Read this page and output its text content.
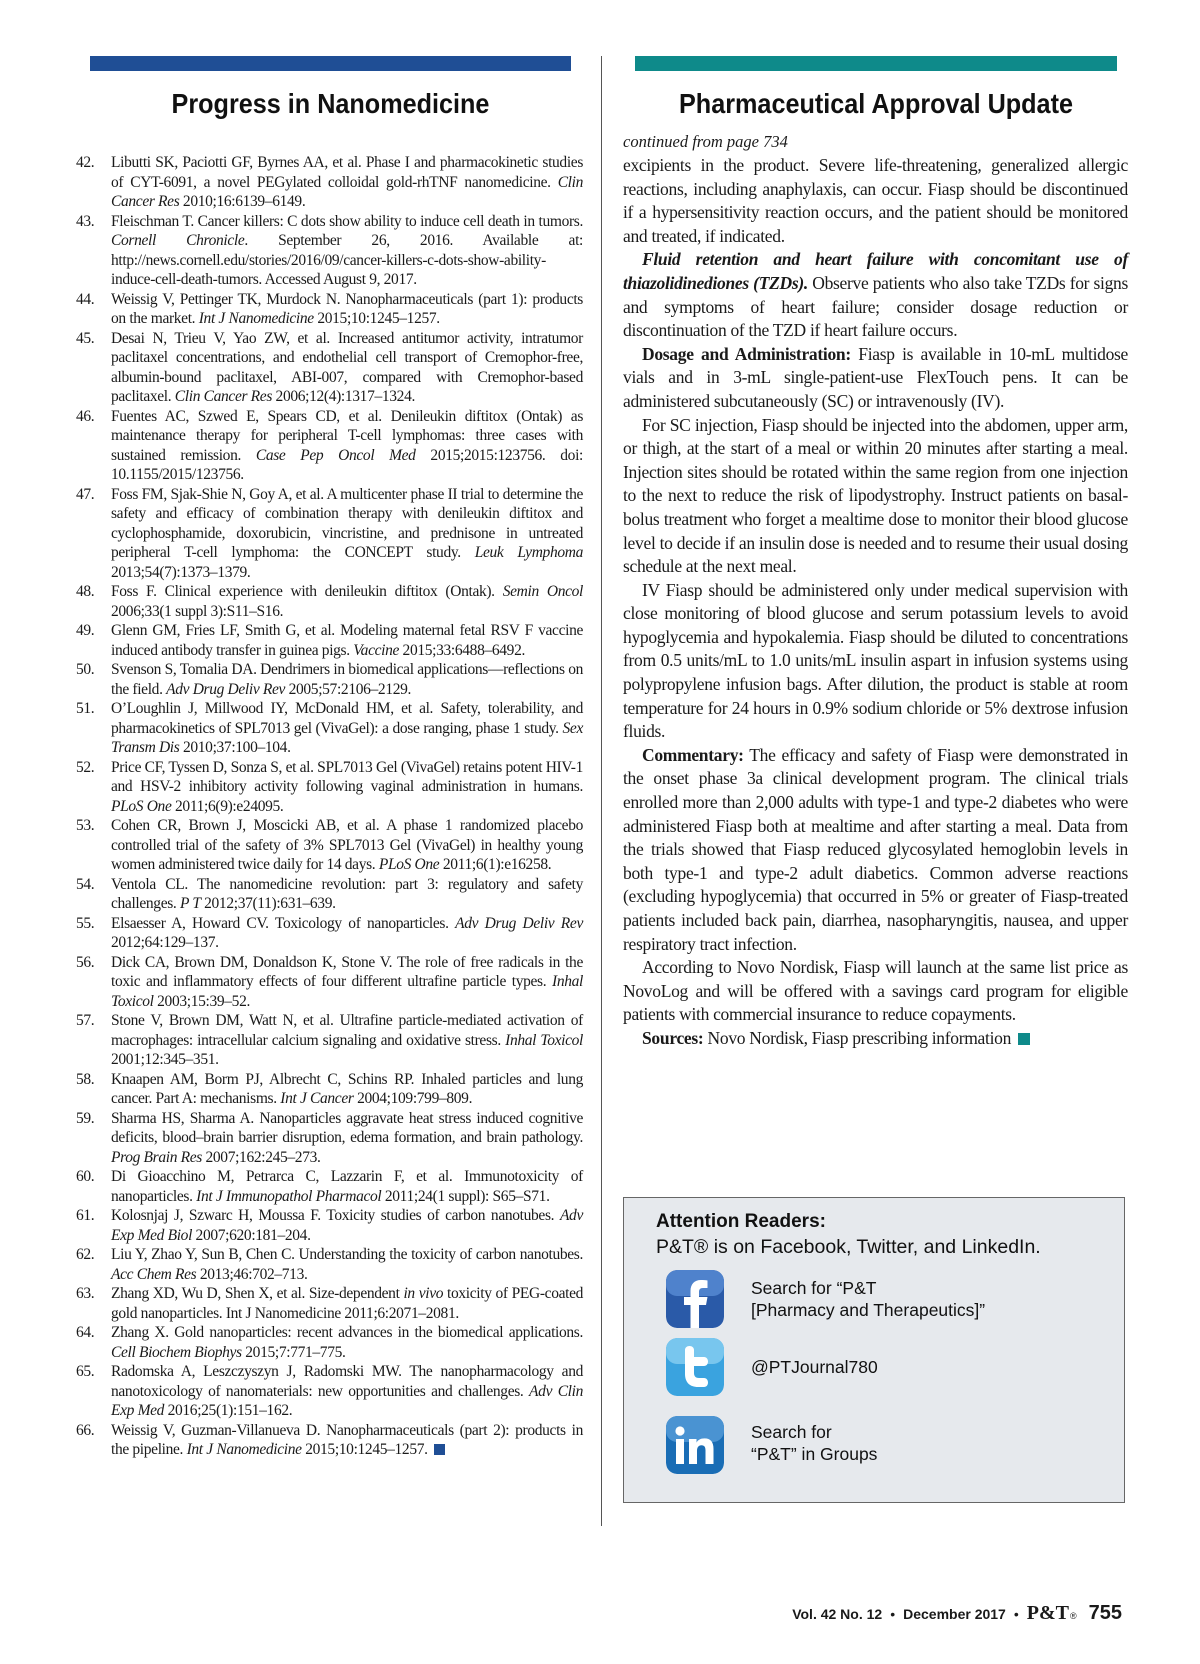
Progress in Nanomedicine	Pharmaceutical Approval Update
42.	Libutti SK, Paciotti GF, Byrnes AA, et al. Phase I and pharmacokinetic studies of CYT-6091, a novel PEGylated colloidal gold-rhTNF nanomedicine. Clin Cancer Res 2010;16:6139–6149.
43.	Fleischman T. Cancer killers: C dots show ability to induce cell death in tumors. Cornell Chronicle. September 26, 2016. Available at: http://news.cornell.edu/stories/2016/09/cancer-killers-c-dots-show-ability-induce-cell-death-tumors. Accessed August 9, 2017.
44.	Weissig V, Pettinger TK, Murdock N. Nanopharmaceuticals (part 1): products on the market. Int J Nanomedicine 2015;10:1245–1257.
45.	Desai N, Trieu V, Yao ZW, et al. Increased antitumor activity, intratumor paclitaxel concentrations, and endothelial cell transport of Cremophor-free, albumin-bound paclitaxel, ABI-007, compared with Cremophor-based paclitaxel. Clin Cancer Res 2006;12(4):1317–1324.
46.	Fuentes AC, Szwed E, Spears CD, et al. Denileukin diftitox (Ontak) as maintenance therapy for peripheral T-cell lymphomas: three cases with sustained remission. Case Pep Oncol Med 2015;2015:123756. doi: 10.1155/2015/123756.
47.	Foss FM, Sjak-Shie N, Goy A, et al. A multicenter phase II trial to determine the safety and efficacy of combination therapy with denileukin diftitox and cyclophosphamide, doxorubicin, vincristine, and prednisone in untreated peripheral T-cell lymphoma: the CONCEPT study. Leuk Lymphoma 2013;54(7):1373–1379.
48.	Foss F. Clinical experience with denileukin diftitox (Ontak). Semin Oncol 2006;33(1 suppl 3):S11–S16.
49.	Glenn GM, Fries LF, Smith G, et al. Modeling maternal fetal RSV F vaccine induced antibody transfer in guinea pigs. Vaccine 2015;33:6488–6492.
50.	Svenson S, Tomalia DA. Dendrimers in biomedical applications—reflections on the field. Adv Drug Deliv Rev 2005;57:2106–2129.
51.	O’Loughlin J, Millwood IY, McDonald HM, et al. Safety, tolerability, and pharmacokinetics of SPL7013 gel (VivaGel): a dose ranging, phase 1 study. Sex Transm Dis 2010;37:100–104.
52.	Price CF, Tyssen D, Sonza S, et al. SPL7013 Gel (VivaGel) retains potent HIV-1 and HSV-2 inhibitory activity following vaginal administration in humans. PLoS One 2011;6(9):e24095.
53.	Cohen CR, Brown J, Moscicki AB, et al. A phase 1 randomized placebo controlled trial of the safety of 3% SPL7013 Gel (VivaGel) in healthy young women administered twice daily for 14 days. PLoS One 2011;6(1):e16258.
54.	Ventola CL. The nanomedicine revolution: part 3: regulatory and safety challenges. P T 2012;37(11):631–639.
55.	Elsaesser A, Howard CV. Toxicology of nanoparticles. Adv Drug Deliv Rev 2012;64:129–137.
56.	Dick CA, Brown DM, Donaldson K, Stone V. The role of free radicals in the toxic and inflammatory effects of four different ultrafine particle types. Inhal Toxicol 2003;15:39–52.
57.	Stone V, Brown DM, Watt N, et al. Ultrafine particle-mediated activation of macrophages: intracellular calcium signaling and oxidative stress. Inhal Toxicol 2001;12:345–351.
58.	Knaapen AM, Borm PJ, Albrecht C, Schins RP. Inhaled particles and lung cancer. Part A: mechanisms. Int J Cancer 2004;109:799–809.
59.	Sharma HS, Sharma A. Nanoparticles aggravate heat stress induced cognitive deficits, blood–brain barrier disruption, edema formation, and brain pathology. Prog Brain Res 2007;162:245–273.
60.	Di Gioacchino M, Petrarca C, Lazzarin F, et al. Immunotoxicity of nanoparticles. Int J Immunopathol Pharmacol 2011;24(1 suppl): S65–S71.
61.	Kolosnjaj J, Szwarc H, Moussa F. Toxicity studies of carbon nanotubes. Adv Exp Med Biol 2007;620:181–204.
62.	Liu Y, Zhao Y, Sun B, Chen C. Understanding the toxicity of carbon nanotubes. Acc Chem Res 2013;46:702–713.
63.	Zhang XD, Wu D, Shen X, et al. Size-dependent in vivo toxicity of PEG-coated gold nanoparticles. Int J Nanomedicine 2011;6:2071–2081.
64.	Zhang X. Gold nanoparticles: recent advances in the biomedical applications. Cell Biochem Biophys 2015;7:771–775.
65.	Radomska A, Leszczyszyn J, Radomski MW. The nanopharmacology and nanotoxicology of nanomaterials: new opportunities and challenges. Adv Clin Exp Med 2016;25(1):151–162.
66.	Weissig V, Guzman-Villanueva D. Nanopharmaceuticals (part 2): products in the pipeline. Int J Nanomedicine 2015;10:1245–1257.

continued from page 734

excipients in the product. Severe life-threatening, generalized allergic reactions, including anaphylaxis, can occur. Fiasp should be discontinued if a hypersensitivity reaction occurs, and the patient should be monitored and treated, if indicated.

Fluid retention and heart failure with concomitant use of thiazolidinediones (TZDs). Observe patients who also take TZDs for signs and symptoms of heart failure; consider dosage reduction or discontinuation of the TZD if heart failure occurs.

Dosage and Administration: Fiasp is available in 10-mL multidose vials and in 3-mL single-patient-use FlexTouch pens. It can be administered subcutaneously (SC) or intravenously (IV).

For SC injection, Fiasp should be injected into the abdomen, upper arm, or thigh, at the start of a meal or within 20 minutes after starting a meal. Injection sites should be rotated within the same region from one injection to the next to reduce the risk of lipodystrophy. Instruct patients on basal-bolus treatment who forget a mealtime dose to monitor their blood glucose level to decide if an insulin dose is needed and to resume their usual dosing schedule at the next meal.

IV Fiasp should be administered only under medical supervision with close monitoring of blood glucose and serum potassium levels to avoid hypoglycemia and hypokalemia. Fiasp should be diluted to concentrations from 0.5 units/mL to 1.0 units/mL insulin aspart in infusion systems using polypropylene infusion bags. After dilution, the product is stable at room temperature for 24 hours in 0.9% sodium chloride or 5% dextrose infusion fluids.

Commentary: The efficacy and safety of Fiasp were demonstrated in the onset phase 3a clinical development program. The clinical trials enrolled more than 2,000 adults with type-1 and type-2 diabetes who were administered Fiasp both at mealtime and after starting a meal. Data from the trials showed that Fiasp reduced glycosylated hemoglobin levels in both type-1 and type-2 adult diabetics. Common adverse reactions (excluding hypoglycemia) that occurred in 5% or greater of Fiasp-treated patients included back pain, diarrhea, nasopharyngitis, nausea, and upper respiratory tract infection.

According to Novo Nordisk, Fiasp will launch at the same list price as NovoLog and will be offered with a savings card program for eligible patients with commercial insurance to reduce copayments.

Sources: Novo Nordisk, Fiasp prescribing information

Attention Readers:

P&T® is on Facebook, Twitter, and LinkedIn.

Search for “P&T
[Pharmacy and Therapeutics]”

@PTJournal780

Search for
“P&T” in Groups

Vol. 42 No. 12 • December 2017 • P&T ® 755
